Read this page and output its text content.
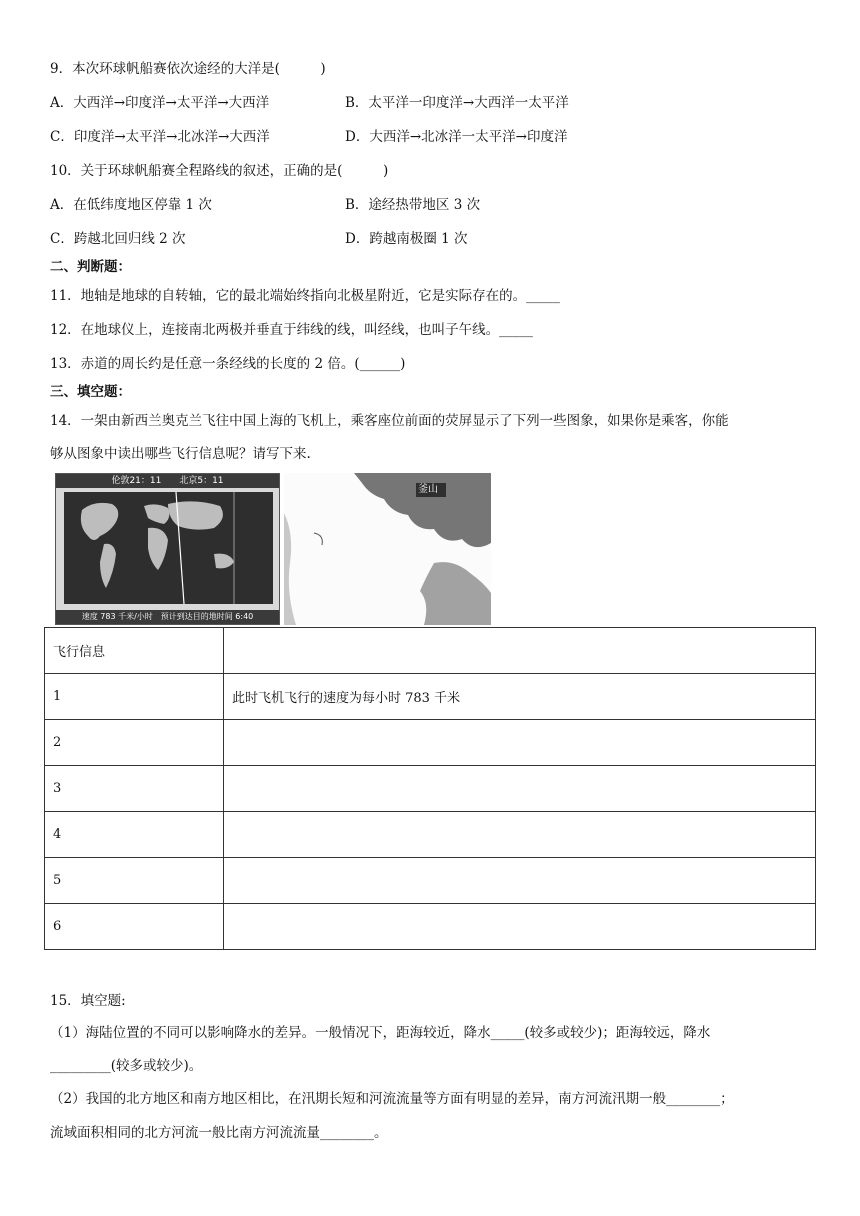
9．本次环球帆船赛依次途经的大洋是(　　　)
A．大西洋→印度洋→太平洋→大西洋	B．太平洋一印度洋→大西洋一太平洋
C．印度洋→太平洋→北冰洋→大西洋	D．大西洋→北冰洋一太平洋→印度洋
10．关于环球帆船赛全程路线的叙述，正确的是(　　　)
A．在低纬度地区停靠 1 次	B．途经热带地区 3 次
C．跨越北回归线 2 次	D．跨越南极圈 1 次
二、判断题：
11．地轴是地球的自转轴，它的最北端始终指向北极星附近，它是实际存在的。_____
12．在地球仪上，连接南北两极并垂直于纬线的线，叫经线，也叫子午线。_____
13．赤道的周长约是任意一条经线的长度的 2 倍。(______)
三、填空题：
14．一架由新西兰奥克兰飞往中国上海的飞机上，乘客座位前面的荧屏显示了下列一些图象，如果你是乘客，你能
够从图象中读出哪些飞行信息呢？请写下来.
伦敦21：11　　北京5：11
速度 783 千米/小时　预计到达目的地时间 6:40
釜山
飞行信息	
1	此时飞机飞行的速度为每小时 783 千米
2	
3	
4	
5	
6	
15．填空题:
（1）海陆位置的不同可以影响降水的差异。一般情况下，距海较近，降水_____(较多或较少)；距海较远，降水
_________(较多或较少)。
（2）我国的北方地区和南方地区相比，在汛期长短和河流流量等方面有明显的差异，南方河流汛期一般________；
流域面积相同的北方河流一般比南方河流流量________。
